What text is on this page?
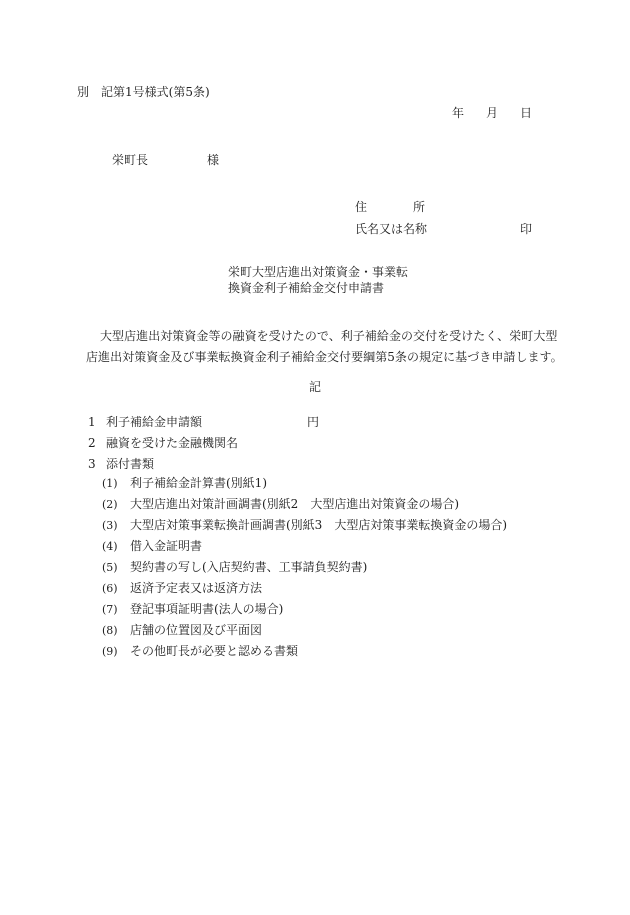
別　記第1号様式(第5条)
年 月 日
栄町長	様
住	所
氏名又は名称	印
栄町大型店進出対策資金・事業転
換資金利子補給金交付申請書
大型店進出対策資金等の融資を受けたので、利子補給金の交付を受けたく、栄町大型店進出対策資金及び事業転換資金利子補給金交付要綱第5条の規定に基づき申請します。
記
1 利子補給金申請額	円
2 融資を受けた金融機関名
3 添付書類
(1) 利子補給金計算書(別紙1)
(2) 大型店進出対策計画調書(別紙2　大型店進出対策資金の場合)
(3) 大型店対策事業転換計画調書(別紙3　大型店対策事業転換資金の場合)
(4) 借入金証明書
(5) 契約書の写し(入店契約書、工事請負契約書)
(6) 返済予定表又は返済方法
(7) 登記事項証明書(法人の場合)
(8) 店舗の位置図及び平面図
(9) その他町長が必要と認める書類
